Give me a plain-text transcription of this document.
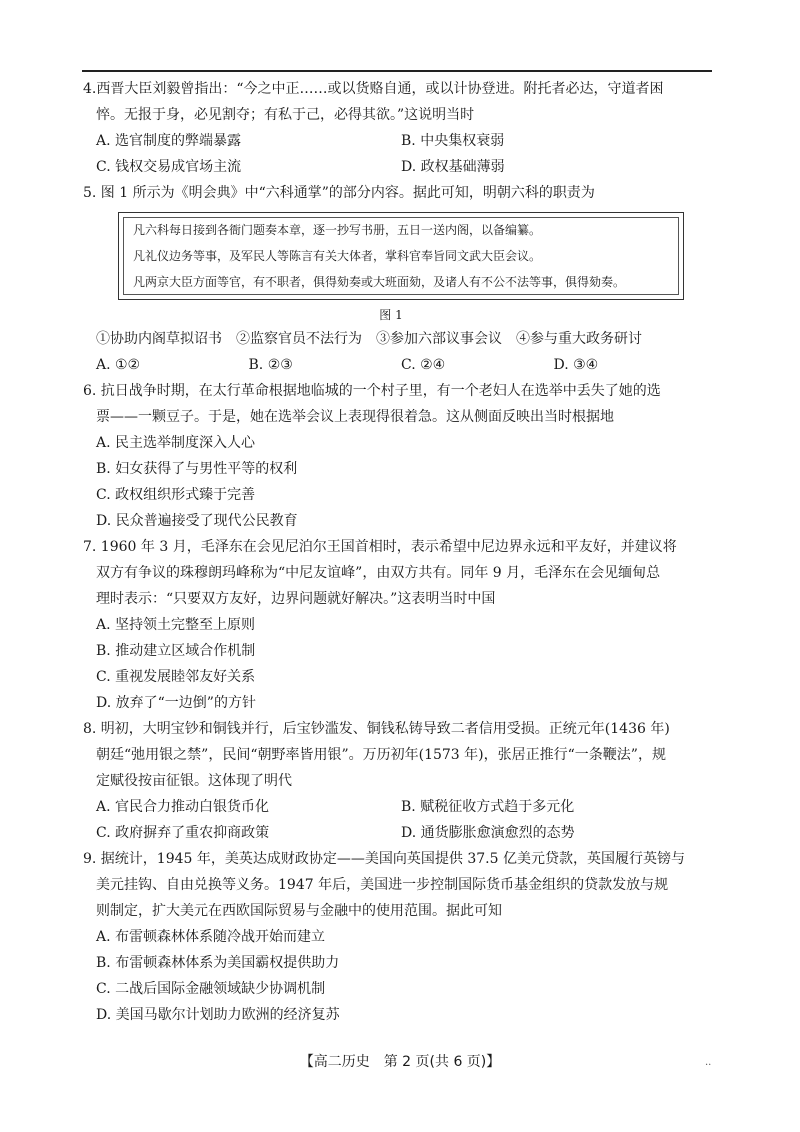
4.西晋大臣刘毅曾指出：“今之中正……或以货赂自通，或以计协登进。附托者必达，守道者困
悴。无报于身，必见割夺；有私于己，必得其欲。”这说明当时
A. 选官制度的弊端暴露	B. 中央集权衰弱
C. 钱权交易成官场主流	D. 政权基础薄弱
5. 图 1 所示为《明会典》中“六科通掌”的部分内容。据此可知，明朝六科的职责为
凡六科每日接到各衙门题奏本章，逐一抄写书册，五日一送内阁，以备编纂。
凡礼仪边务等事，及军民人等陈言有关大体者，掌科官奉旨同文武大臣会议。
凡两京大臣方面等官，有不职者，俱得劾奏或大班面劾，及诸人有不公不法等事，俱得劾奏。
图 1
①协助内阁草拟诏书　②监察官员不法行为　③参加六部议事会议　④参与重大政务研讨
A. ①②	B. ②③	C. ②④	D. ③④
6. 抗日战争时期，在太行革命根据地临城的一个村子里，有一个老妇人在选举中丢失了她的选
票——一颗豆子。于是，她在选举会议上表现得很着急。这从侧面反映出当时根据地
A. 民主选举制度深入人心
B. 妇女获得了与男性平等的权利
C. 政权组织形式臻于完善
D. 民众普遍接受了现代公民教育
7. 1960 年 3 月，毛泽东在会见尼泊尔王国首相时，表示希望中尼边界永远和平友好，并建议将
双方有争议的珠穆朗玛峰称为“中尼友谊峰”，由双方共有。同年 9 月，毛泽东在会见缅甸总
理时表示：“只要双方友好，边界问题就好解决。”这表明当时中国
A. 坚持领土完整至上原则
B. 推动建立区域合作机制
C. 重视发展睦邻友好关系
D. 放弃了“一边倒”的方针
8. 明初，大明宝钞和铜钱并行，后宝钞滥发、铜钱私铸导致二者信用受损。正统元年(1436 年)
朝廷“弛用银之禁”，民间“朝野率皆用银”。万历初年(1573 年)，张居正推行“一条鞭法”，规
定赋役按亩征银。这体现了明代
A. 官民合力推动白银货币化	B. 赋税征收方式趋于多元化
C. 政府摒弃了重农抑商政策	D. 通货膨胀愈演愈烈的态势
9. 据统计，1945 年，美英达成财政协定——美国向英国提供 37.5 亿美元贷款，英国履行英镑与
美元挂钩、自由兑换等义务。1947 年后，美国进一步控制国际货币基金组织的贷款发放与规
则制定，扩大美元在西欧国际贸易与金融中的使用范围。据此可知
A. 布雷顿森林体系随冷战开始而建立
B. 布雷顿森林体系为美国霸权提供助力
C. 二战后国际金融领域缺少协调机制
D. 美国马歇尔计划助力欧洲的经济复苏
【高二历史　第 2 页(共 6 页)】	..
